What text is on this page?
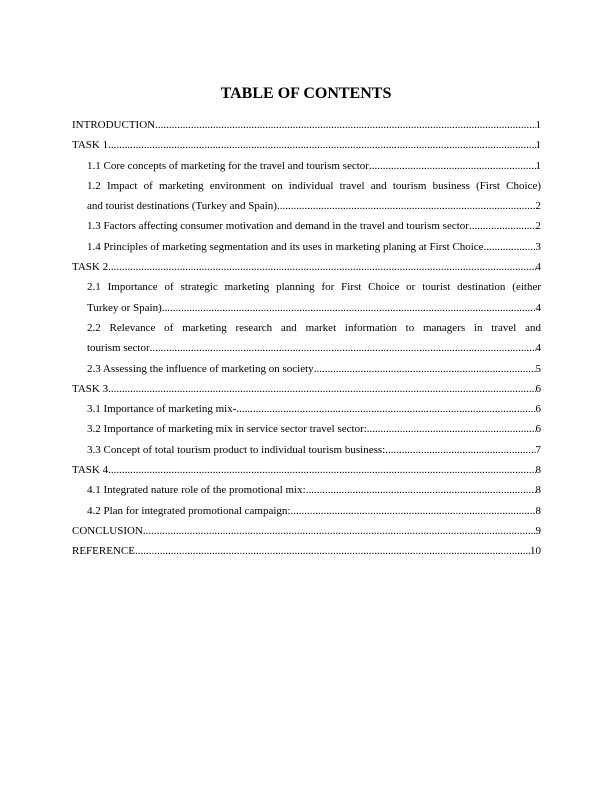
TABLE OF CONTENTS
INTRODUCTION .....	1
TASK 1 .....	1
1.1 Core concepts of marketing for the travel and tourism sector .....	1
1.2 Impact of marketing environment on individual travel and tourism business (First Choice)
and tourist destinations (Turkey and Spain) .....	2
1.3 Factors affecting consumer motivation and demand in the travel and tourism sector .....	2
1.4 Principles of marketing segmentation and its uses in marketing planing at First Choice .....	3
TASK 2 .....	4
2.1 Importance of strategic marketing planning for First Choice or tourist destination (either
Turkey or Spain) .....	4
2.2 Relevance of marketing research and market information to managers in travel and
tourism sector .....	4
2.3 Assessing the influence of marketing on society .....	5
TASK 3 .....	6
3.1 Importance of marketing mix- .....	6
3.2 Importance of marketing mix in service sector travel sector: .....	6
3.3 Concept of total tourism product to individual tourism business: .....	7
TASK 4 .....	8
4.1 Integrated nature role of the promotional mix: .....	8
4.2 Plan for integrated promotional campaign: .....	8
CONCLUSION .....	9
REFERENCE .....	10
